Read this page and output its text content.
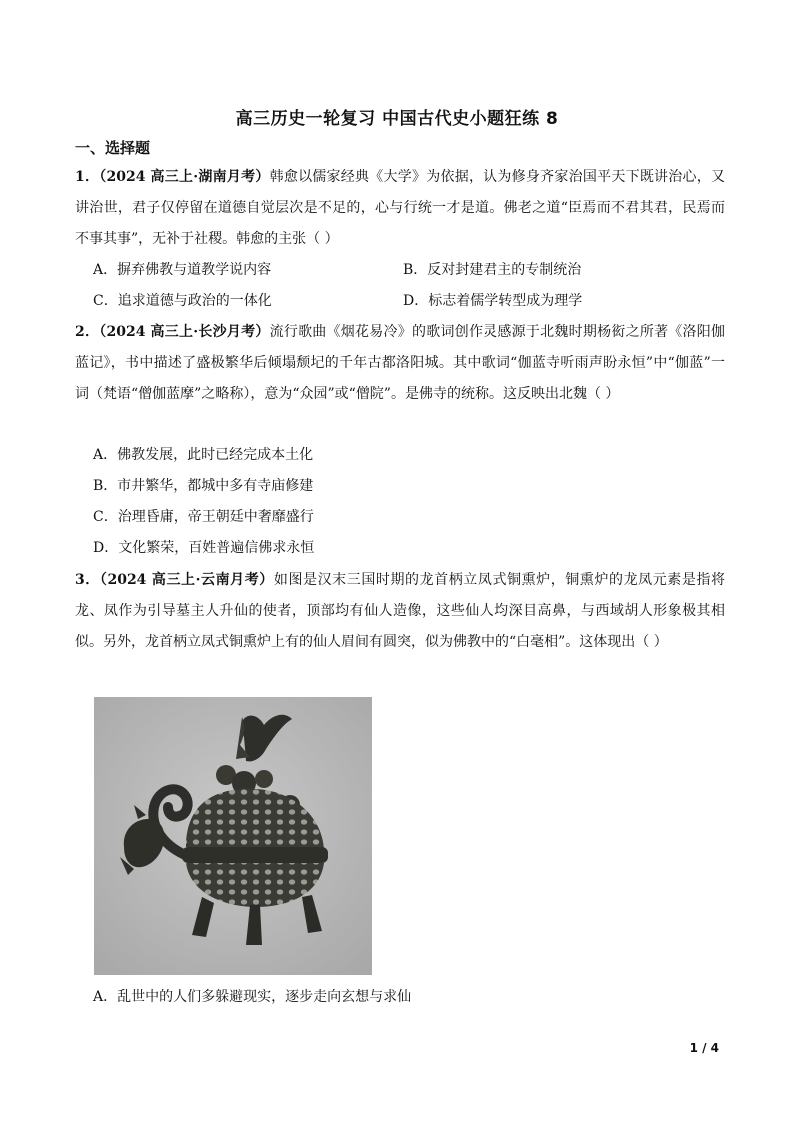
高三历史一轮复习 中国古代史小题狂练 8
一、选择题
1．（2024 高三上·湖南月考）韩愈以儒家经典《大学》为依据，认为修身齐家治国平天下既讲治心，又讲治世，君子仅停留在道德自觉层次是不足的，心与行统一才是道。佛老之道“臣焉而不君其君，民焉而不事其事”，无补于社稷。韩愈的主张（ ）
A．摒弃佛教与道教学说内容	B．反对封建君主的专制统治
C．追求道德与政治的一体化	D．标志着儒学转型成为理学
2．（2024 高三上·长沙月考）流行歌曲《烟花易冷》的歌词创作灵感源于北魏时期杨衒之所著《洛阳伽蓝记》，书中描述了盛极繁华后倾塌颓圮的千年古都洛阳城。其中歌词“伽蓝寺听雨声盼永恒”中“伽蓝”一词（梵语“僧伽蓝摩”之略称），意为“众园”或“僧院”。是佛寺的统称。这反映出北魏（ ）
A．佛教发展，此时已经完成本土化
B．市井繁华，都城中多有寺庙修建
C．治理昏庸，帝王朝廷中奢靡盛行
D．文化繁荣，百姓普遍信佛求永恒
3．（2024 高三上·云南月考）如图是汉末三国时期的龙首柄立凤式铜熏炉，铜熏炉的龙凤元素是指将龙、凤作为引导墓主人升仙的使者，顶部均有仙人造像，这些仙人均深目高鼻，与西域胡人形象极其相似。另外，龙首柄立凤式铜熏炉上有的仙人眉间有圆突，似为佛教中的“白毫相”。这体现出（ ）
A．乱世中的人们多躲避现实，逐步走向玄想与求仙
1 / 4
